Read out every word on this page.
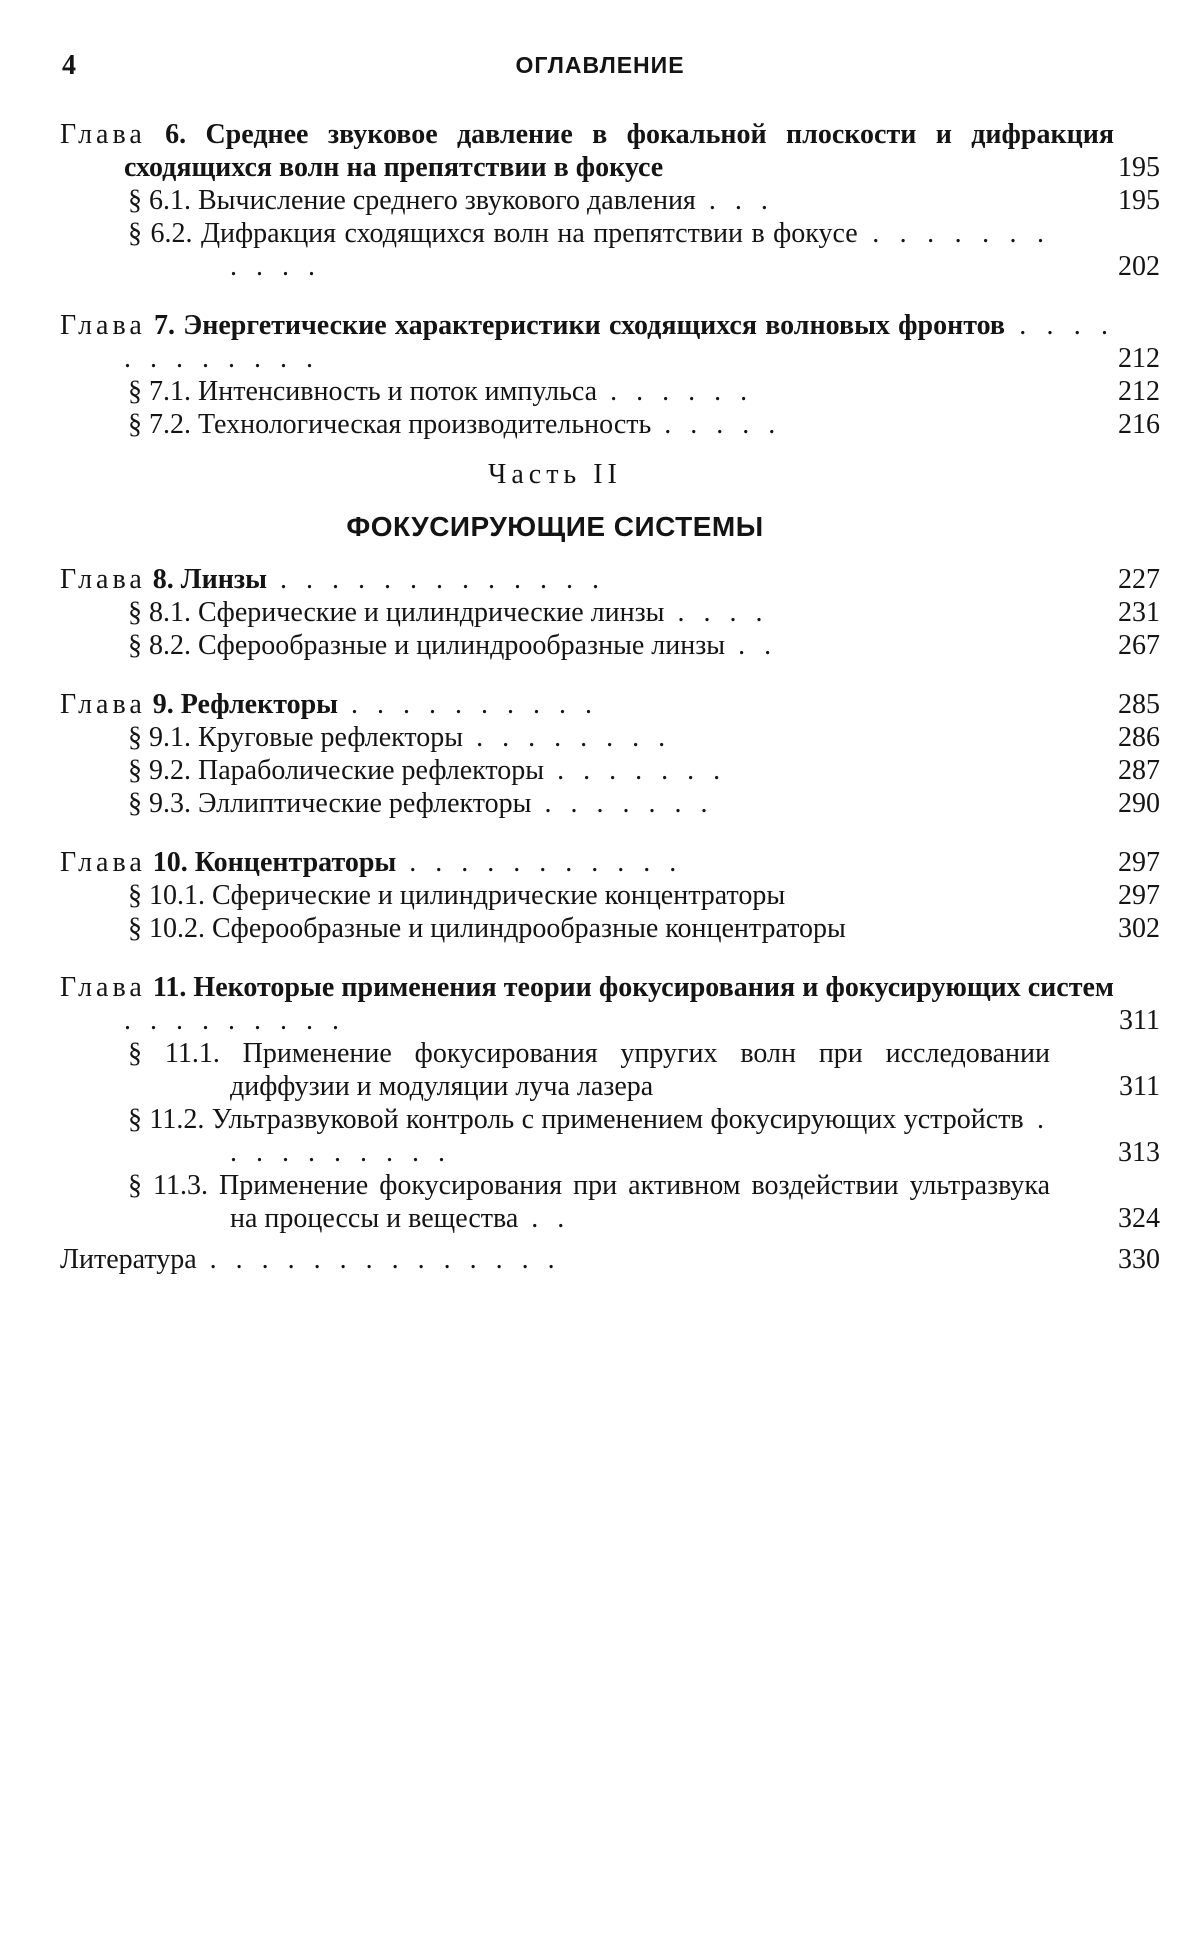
4	ОГЛАВЛЕНИЕ
Глава 6. Среднее звуковое давление в фокальной плоскости и дифракция сходящихся волн на препятствии в фокусе	195
§ 6.1. Вычисление среднего звукового давления . . .	195
§ 6.2. Дифракция сходящихся волн на препятствии в фокусе . . . . . . . . . . .	202
Глава 7. Энергетические характеристики сходящихся волновых фронтов . . . . . . . . . . . .	212
§ 7.1. Интенсивность и поток импульса . . . . . .	212
§ 7.2. Технологическая производительность . . . . .	216
Часть II
ФОКУСИРУЮЩИЕ СИСТЕМЫ
Глава 8. Линзы . . . . . . . . . . . . .	227
§ 8.1. Сферические и цилиндрические линзы . . . .	231
§ 8.2. Сферообразные и цилиндрообразные линзы . .	267
Глава 9. Рефлекторы . . . . . . . . . .	285
§ 9.1. Круговые рефлекторы . . . . . . . .	286
§ 9.2. Параболические рефлекторы . . . . . . .	287
§ 9.3. Эллиптические рефлекторы . . . . . . .	290
Глава 10. Концентраторы . . . . . . . . . . .	297
§ 10.1. Сферические и цилиндрические концентраторы	297
§ 10.2. Сферообразные и цилиндрообразные концентраторы	302
Глава 11. Некоторые применения теории фокусирования и фокусирующих систем . . . . . . . . .	311
§ 11.1. Применение фокусирования упругих волн при исследовании диффузии и модуляции луча лазера	311
§ 11.2. Ультразвуковой контроль с применением фокусирующих устройств . . . . . . . . . .	313
§ 11.3. Применение фокусирования при активном воздействии ультразвука на процессы и вещества . .	324
Литература . . . . . . . . . . . . . .	330
